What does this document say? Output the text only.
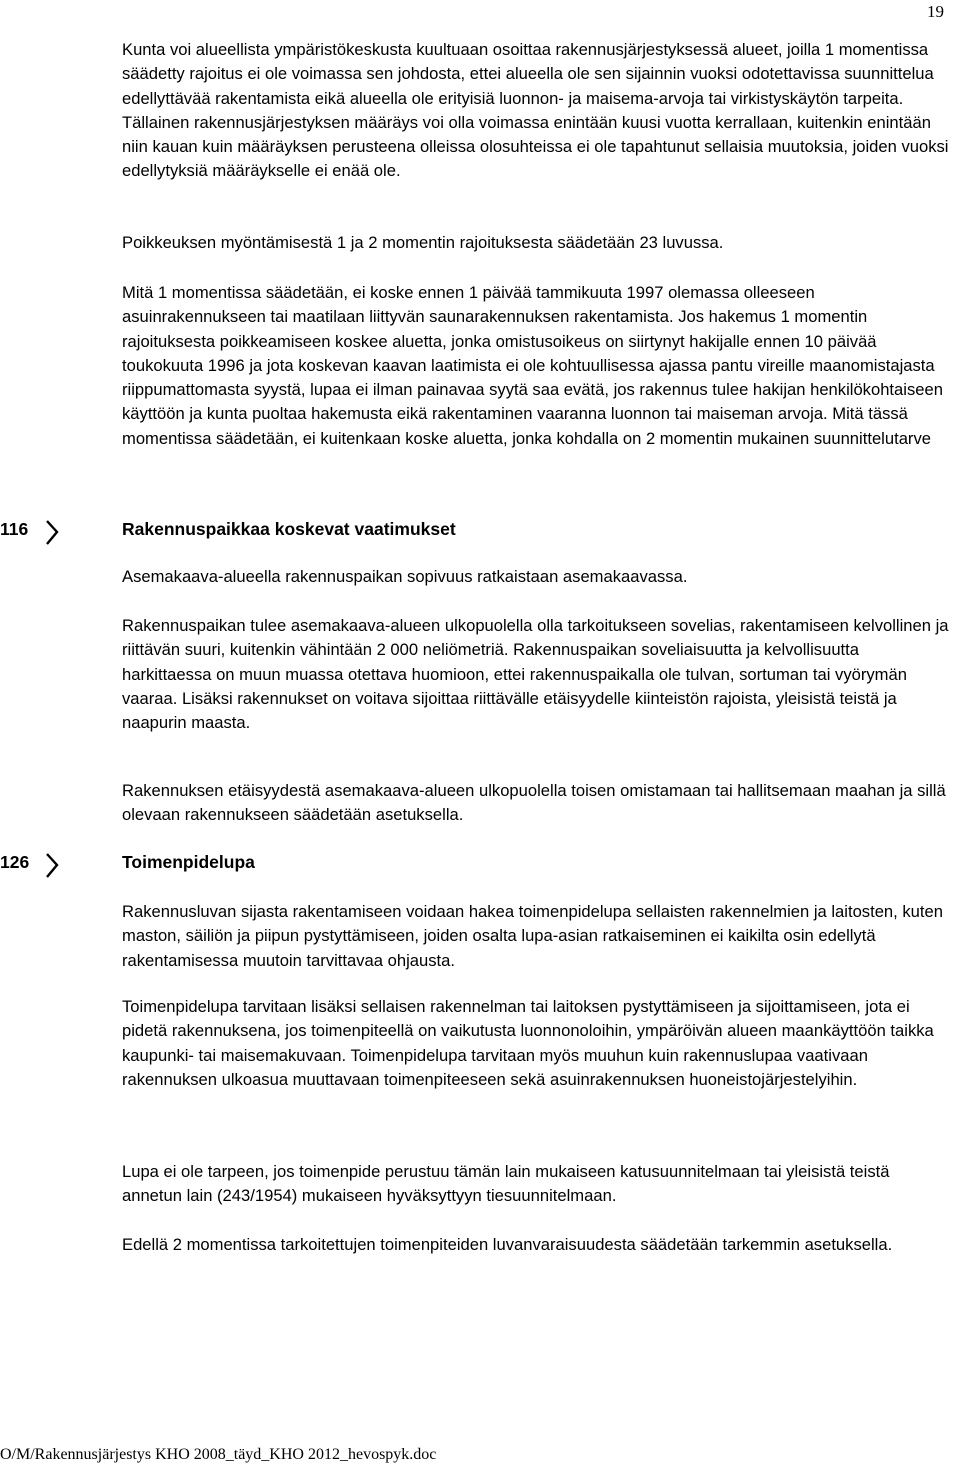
19

Kunta voi alueellista ympäristökeskusta kuultuaan osoittaa rakennusjärjestyksessä alueet, joilla 1 momentissa säädetty rajoitus ei ole voimassa sen johdosta, ettei alueella ole sen sijainnin vuoksi odotettavissa suunnittelua edellyttävää rakentamista eikä alueella ole erityisiä luonnon- ja maisema-arvoja tai virkistyskäytön tarpeita. Tällainen rakennusjärjestyksen määräys voi olla voimassa enintään kuusi vuotta kerrallaan, kuitenkin enintään niin kauan kuin määräyksen perusteena olleissa olosuhteissa ei ole tapahtunut sellaisia muutoksia, joiden vuoksi edellytyksiä määräykselle ei enää ole.

Poikkeuksen myöntämisestä 1 ja 2 momentin rajoituksesta säädetään 23 luvussa.

Mitä 1 momentissa säädetään, ei koske ennen 1 päivää tammikuuta 1997 olemassa olleeseen asuinrakennukseen tai maatilaan liittyvän saunarakennuksen rakentamista. Jos hakemus 1 momentin rajoituksesta poikkeamiseen koskee aluetta, jonka omistusoikeus on siirtynyt hakijalle ennen 10 päivää toukokuuta 1996 ja jota koskevan kaavan laatimista ei ole kohtuullisessa ajassa pantu vireille maanomistajasta riippumattomasta syystä, lupaa ei ilman painavaa syytä saa evätä, jos rakennus tulee hakijan henkilökohtaiseen käyttöön ja kunta puoltaa hakemusta eikä rakentaminen vaaranna luonnon tai maiseman arvoja. Mitä tässä momentissa säädetään, ei kuitenkaan koske aluetta, jonka kohdalla on 2 momentin mukainen suunnittelutarve

116	Rakennuspaikkaa koskevat vaatimukset

Asemakaava-alueella rakennuspaikan sopivuus ratkaistaan asemakaavassa.

Rakennuspaikan tulee asemakaava-alueen ulkopuolella olla tarkoitukseen sovelias, rakentamiseen kelvollinen ja riittävän suuri, kuitenkin vähintään 2 000 neliömetriä. Rakennuspaikan soveliaisuutta ja kelvollisuutta harkittaessa on muun muassa otettava huomioon, ettei rakennuspaikalla ole tulvan, sortuman tai vyörymän vaaraa. Lisäksi rakennukset on voitava sijoittaa riittävälle etäisyydelle kiinteistön rajoista, yleisistä teistä ja naapurin maasta.

Rakennuksen etäisyydestä asemakaava-alueen ulkopuolella toisen omistamaan tai hallitsemaan maahan ja sillä olevaan rakennukseen säädetään asetuksella.

126	Toimenpidelupa

Rakennusluvan sijasta rakentamiseen voidaan hakea toimenpidelupa sellaisten rakennelmien ja laitosten, kuten maston, säiliön ja piipun pystyttämiseen, joiden osalta lupa-asian ratkaiseminen ei kaikilta osin edellytä rakentamisessa muutoin tarvittavaa ohjausta.

Toimenpidelupa tarvitaan lisäksi sellaisen rakennelman tai laitoksen pystyttämiseen ja sijoittamiseen, jota ei pidetä rakennuksena, jos toimenpiteellä on vaikutusta luonnonoloihin, ympäröivän alueen maankäyttöön taikka kaupunki- tai maisemakuvaan. Toimenpidelupa tarvitaan myös muuhun kuin rakennuslupaa vaativaan rakennuksen ulkoasua muuttavaan toimenpiteeseen sekä asuinrakennuksen huoneistojärjestelyihin.

Lupa ei ole tarpeen, jos toimenpide perustuu tämän lain mukaiseen katusuunnitelmaan tai yleisistä teistä annetun lain (243/1954) mukaiseen hyväksyttyyn tiesuunnitelmaan.

Edellä 2 momentissa tarkoitettujen toimenpiteiden luvanvaraisuudesta säädetään tarkemmin asetuksella.

O/M/Rakennusjärjestys KHO 2008_täyd_KHO 2012_hevospyk.doc
